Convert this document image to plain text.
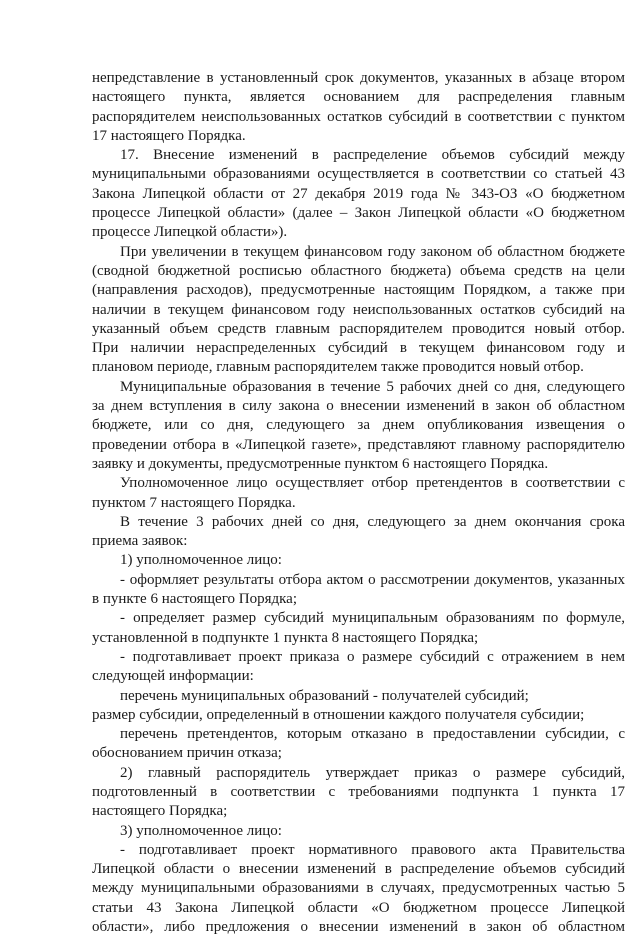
непредставление в установленный срок документов, указанных в абзаце втором
настоящего пункта, является основанием для распределения главным
распорядителем неиспользованных остатков субсидий в соответствии с пунктом
17 настоящего Порядка.
17. Внесение изменений в распределение объемов субсидий между
муниципальными образованиями осуществляется в соответствии со статьей 43
Закона Липецкой области от 27 декабря 2019 года № 343-ОЗ «О бюджетном
процессе Липецкой области» (далее – Закон Липецкой области «О бюджетном
процессе Липецкой области»).
При увеличении в текущем финансовом году законом об областном бюджете
(сводной бюджетной росписью областного бюджета) объема средств на цели
(направления расходов), предусмотренные настоящим Порядком, а также при
наличии в текущем финансовом году неиспользованных остатков субсидий на
указанный объем средств главным распорядителем проводится новый отбор.
При наличии нераспределенных субсидий в текущем финансовом году и
плановом периоде, главным распорядителем также проводится новый отбор.
Муниципальные образования в течение 5 рабочих дней со дня, следующего
за днем вступления в силу закона о внесении изменений в закон об областном
бюджете, или со дня, следующего за днем опубликования извещения о
проведении отбора в «Липецкой газете», представляют главному распорядителю
заявку и документы, предусмотренные пунктом 6 настоящего Порядка.
Уполномоченное лицо осуществляет отбор претендентов в соответствии с
пунктом 7 настоящего Порядка.
В течение 3 рабочих дней со дня, следующего за днем окончания срока
приема заявок:
1) уполномоченное лицо:
- оформляет результаты отбора актом о рассмотрении документов, указанных
в пункте 6 настоящего Порядка;
- определяет размер субсидий муниципальным образованиям по формуле,
установленной в подпункте 1 пункта 8 настоящего Порядка;
- подготавливает проект приказа о размере субсидий с отражением в нем
следующей информации:
перечень муниципальных образований - получателей субсидий;
размер субсидии, определенный в отношении каждого получателя субсидии;
перечень претендентов, которым отказано в предоставлении субсидии, с
обоснованием причин отказа;
2) главный распорядитель утверждает приказ о размере субсидий,
подготовленный в соответствии с требованиями подпункта 1 пункта 17
настоящего Порядка;
3) уполномоченное лицо:
- подготавливает проект нормативного правового акта Правительства
Липецкой области о внесении изменений в распределение объемов субсидий
между муниципальными образованиями в случаях, предусмотренных частью 5
статьи 43 Закона Липецкой области «О бюджетном процессе Липецкой
области», либо предложения о внесении изменений в закон об областном
